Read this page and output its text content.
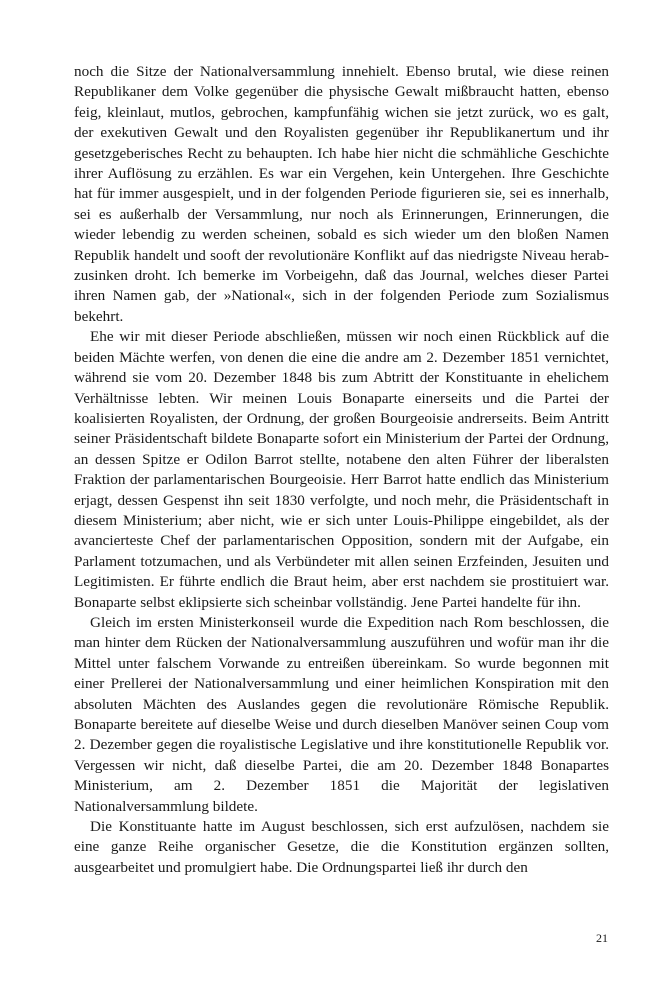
noch die Sitze der Nationalversammlung innehielt. Ebenso brutal, wie diese reinen Republikaner dem Volke gegenüber die physische Gewalt mißbraucht hatten, ebenso feig, kleinlaut, mutlos, gebrochen, kampfunfähig wichen sie jetzt zurück, wo es galt, der exekutiven Gewalt und den Royalisten gegenüber ihr Republikanertum und ihr gesetzgeberisches Recht zu behaupten. Ich habe hier nicht die schmähliche Geschichte ihrer Auflösung zu erzählen. Es war ein Vergehen, kein Untergehen. Ihre Geschichte hat für immer ausgespielt, und in der folgenden Periode figurieren sie, sei es innerhalb, sei es außerhalb der Versammlung, nur noch als Erinnerungen, Erinnerungen, die wieder lebendig zu werden scheinen, sobald es sich wieder um den bloßen Namen Republik handelt und sooft der revolutionäre Konflikt auf das niedrigste Niveau herabzusinken droht. Ich bemerke im Vorbeigehn, daß das Journal, welches dieser Partei ihren Namen gab, der »National«, sich in der folgenden Periode zum Sozialismus bekehrt.

Ehe wir mit dieser Periode abschließen, müssen wir noch einen Rückblick auf die beiden Mächte werfen, von denen die eine die andre am 2. Dezember 1851 vernichtet, während sie vom 20. Dezember 1848 bis zum Abtritt der Konstituante in ehelichem Verhältnisse lebten. Wir meinen Louis Bonaparte einerseits und die Partei der koalisierten Royalisten, der Ordnung, der großen Bourgeoisie andrerseits. Beim Antritt seiner Präsidentschaft bildete Bonaparte sofort ein Ministerium der Partei der Ordnung, an dessen Spitze er Odilon Barrot stellte, notabene den alten Führer der liberalsten Fraktion der parlamentarischen Bourgeoisie. Herr Barrot hatte endlich das Ministerium erjagt, dessen Gespenst ihn seit 1830 verfolgte, und noch mehr, die Präsidentschaft in diesem Ministerium; aber nicht, wie er sich unter Louis-Philippe eingebildet, als der avancierteste Chef der parlamentarischen Opposition, sondern mit der Aufgabe, ein Parlament totzumachen, und als Verbündeter mit allen seinen Erzfeinden, Jesuiten und Legitimisten. Er führte endlich die Braut heim, aber erst nachdem sie prostituiert war. Bonaparte selbst eklipsierte sich scheinbar vollständig. Jene Partei handelte für ihn.

Gleich im ersten Ministerkonseil wurde die Expedition nach Rom beschlossen, die man hinter dem Rücken der Nationalversammlung auszuführen und wofür man ihr die Mittel unter falschem Vorwande zu entreißen übereinkam. So wurde begonnen mit einer Prellerei der Nationalversammlung und einer heimlichen Konspiration mit den absoluten Mächten des Auslandes gegen die revolutionäre Römische Republik. Bonaparte bereitete auf dieselbe Weise und durch dieselben Manöver seinen Coup vom 2. Dezember gegen die royalistische Legislative und ihre konstitutionelle Republik vor. Vergessen wir nicht, daß dieselbe Partei, die am 20. Dezember 1848 Bonapartes Ministerium, am 2. Dezember 1851 die Majorität der legislativen Nationalversammlung bildete.

Die Konstituante hatte im August beschlossen, sich erst aufzulösen, nachdem sie eine ganze Reihe organischer Gesetze, die die Konstitution ergänzen sollten, ausgearbeitet und promulgiert habe. Die Ordnungspartei ließ ihr durch den

21
